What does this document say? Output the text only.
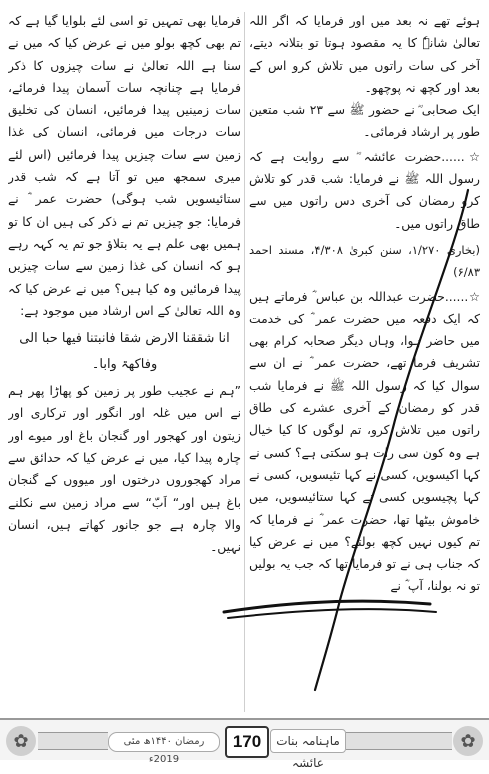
ہوئے تھے نہ بعد میں اور فرمایا کہ اگر اللہ تعالیٰ شانہٗ کا یہ مقصود ہوتا تو بتلانہ دیتے، آخر کی سات راتوں میں تلاش کرو اس کے بعد اور کچھ نہ پوچھو۔

ایک صحابی ؓ نے حضور ﷺ سے ۲۳ شب متعین طور پر ارشاد فرمائی۔

☆......حضرت عائشہ ؓ سے روایت ہے کہ رسول اللہ ﷺ نے فرمایا: شب قدر کو تلاش کرو رمضان کی آخری دس راتوں میں سے طاق راتوں میں۔

(بخاری ۱/۲۷۰، سنن کبریٰ ۴/۳۰۸، مسند احمد ۶/۸۳)

☆......حضرت عبداللہ بن عباس ؓ فرماتے ہیں کہ ایک دفعہ میں حضرت عمر ؓ کی خدمت میں حاضر ہوا، وہاں دیگر صحابہ کرام بھی تشریف فرما تھے، حضرت عمر ؓ نے ان سے سوال کیا کہ رسول اللہ ﷺ نے فرمایا شب قدر کو رمضان کے آخری عشرے کی طاق راتوں میں تلاش کرو، تم لوگوں کا کیا خیال ہے وہ کون سی رات ہو سکتی ہے؟ کسی نے کہا اکیسویں، کسی نے کہا تئیسویں، کسی نے کہا پچیسویں کسی نے کہا ستائیسویں، میں خاموش بیٹھا تھا، حضرت عمر ؓ نے فرمایا کہ تم کیوں نہیں کچھ بولتے؟ میں نے عرض کیا کہ جناب ہی نے تو فرمایا تھا کہ جب یہ بولیں تو نہ بولنا، آپ ؓ نے

فرمایا بھی تمہیں تو اسی لئے بلوایا گیا ہے کہ تم بھی کچھ بولو میں نے عرض کیا کہ میں نے سنا ہے اللہ تعالیٰ نے سات چیزوں کا ذکر فرمایا ہے چنانچہ سات آسمان پیدا فرمائے، سات زمینیں پیدا فرمائیں، انسان کی تخلیق سات درجات میں فرمائی، انسان کی غذا زمین سے سات چیزیں پیدا فرمائیں (اس لئے میری سمجھ میں تو آتا ہے کہ شب قدر ستائیسویں شب ہوگی) حضرت عمر ؓ نے فرمایا: جو چیزیں تم نے ذکر کی ہیں ان کا تو ہمیں بھی علم ہے یہ بتلاؤ جو تم یہ کہہ رہے ہو کہ انسان کی غذا زمین سے سات چیزیں پیدا فرمائیں وہ کیا ہیں؟ میں نے عرض کیا کہ وہ اللہ تعالیٰ کے اس ارشاد میں موجود ہے:

انا شققنا الارض شقا فانبتنا فیھا حبا الی وفاکھۃ وابا۔

”ہم نے عجیب طور پر زمین کو پھاڑا پھر ہم نے اس میں غلہ اور انگور اور ترکاری اور زیتون اور کھجور اور گنجان باغ اور میوے اور چارہ پیدا کیا، میں نے عرض کیا کہ حدائق سے مراد کھجوروں درختوں اور میووں کے گنجان باغ ہیں اور“ اَبّ“ سے مراد زمین سے نکلنے والا چارہ ہے جو جانور کھاتے ہیں، انسان نہیں۔

✿	رمضان ۱۴۴۰ھ مئی 2019ء
170	ماہنامہ بنات عائشہ
✿
